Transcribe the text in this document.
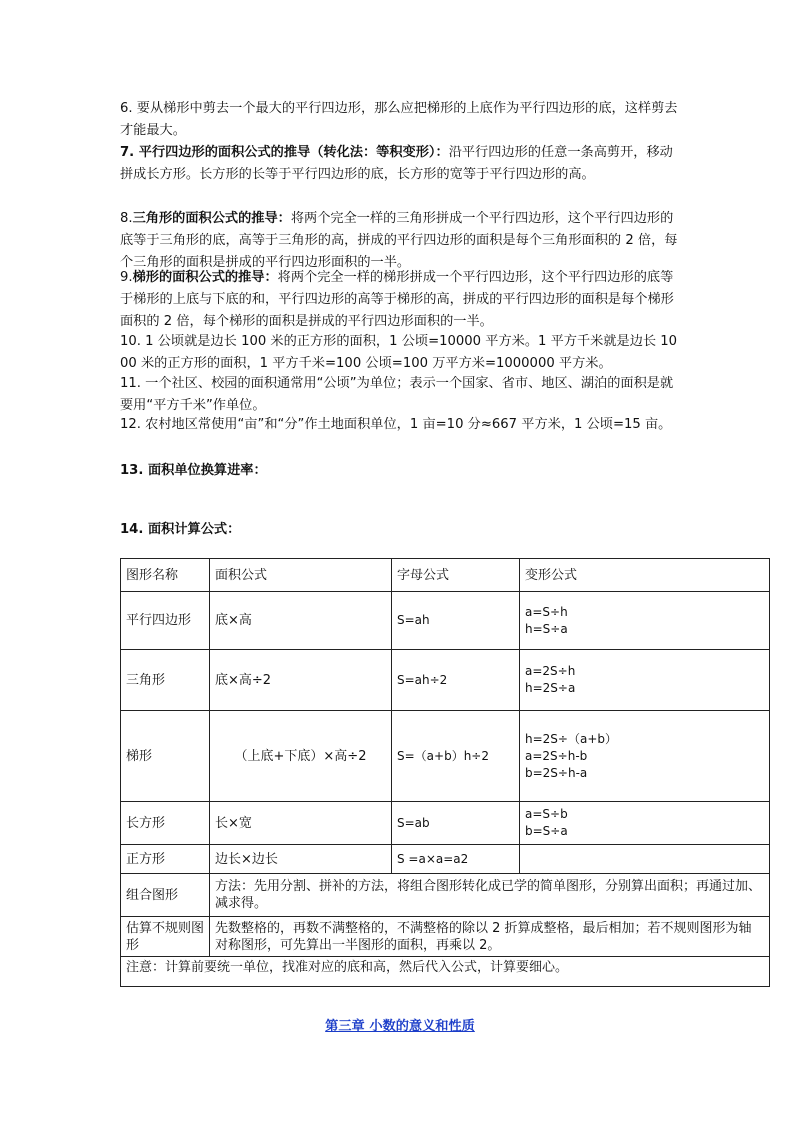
6. 要从梯形中剪去一个最大的平行四边形，那么应把梯形的上底作为平行四边形的底，这样剪去才能最大。

7. 平行四边形的面积公式的推导（转化法：等积变形）：沿平行四边形的任意一条高剪开，移动拼成长方形。长方形的长等于平行四边形的底，长方形的宽等于平行四边形的高。

8.三角形的面积公式的推导：将两个完全一样的三角形拼成一个平行四边形，这个平行四边形的底等于三角形的底，高等于三角形的高，拼成的平行四边形的面积是每个三角形面积的 2 倍，每个三角形的面积是拼成的平行四边形面积的一半。

9.梯形的面积公式的推导：将两个完全一样的梯形拼成一个平行四边形，这个平行四边形的底等于梯形的上底与下底的和，平行四边形的高等于梯形的高，拼成的平行四边形的面积是每个梯形面积的 2 倍，每个梯形的面积是拼成的平行四边形面积的一半。

10. 1 公顷就是边长 100 米的正方形的面积，1 公顷=10000 平方米。1 平方千米就是边长 1000 米的正方形的面积，1 平方千米=100 公顷=100 万平方米=1000000 平方米。

11. 一个社区、校园的面积通常用“公顷”为单位；表示一个国家、省市、地区、湖泊的面积是就要用“平方千米”作单位。

12. 农村地区常使用“亩”和“分”作土地面积单位，1 亩=10 分≈667 平方米，1 公顷=15 亩。

13. 面积单位换算进率：

14. 面积计算公式：

图形名称	面积公式	字母公式	变形公式
平行四边形	底×高	S=ah	a=S÷h
h=S÷a

三角形	底×高÷2	S=ah÷2	a=2S÷h
h=2S÷a

梯形	（上底+下底）×高÷2	S=（a+b）h÷2	h=2S÷（a+b）
a=2S÷h-b
b=2S÷h-a

长方形	长×宽	S=ab	a=S÷b
b=S÷a

正方形	边长×边长	S =a×a=a2	
组合图形	方法：先用分割、拼补的方法，将组合图形转化成已学的简单图形，分别算出面积；再通过加、减求得。		
估算不规则图形	先数整格的，再数不满整格的，不满整格的除以 2 折算成整格，最后相加；若不规则图形为轴对称图形，可先算出一半图形的面积，再乘以 2。		
注意：计算前要统一单位，找准对应的底和高，然后代入公式，计算要细心。			
第三章 小数的意义和性质
